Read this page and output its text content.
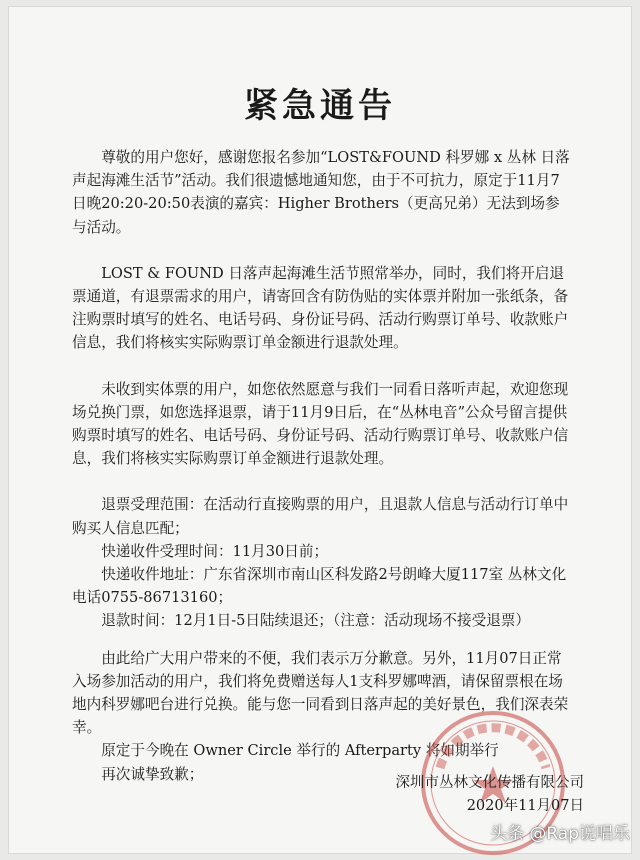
紧急通告

尊敬的用户您好，感谢您报名参加“LOST&FOUND 科罗娜 x 丛林 日落声起海滩生活节”活动。我们很遗憾地通知您，由于不可抗力，原定于11月7日晚20:20-20:50表演的嘉宾：Higher Brothers（更高兄弟）无法到场参与活动。

LOST & FOUND 日落声起海滩生活节照常举办，同时，我们将开启退票通道，有退票需求的用户，请寄回含有防伪贴的实体票并附加一张纸条，备注购票时填写的姓名、电话号码、身份证号码、活动行购票订单号、收款账户信息，我们将核实实际购票订单金额进行退款处理。

未收到实体票的用户，如您依然愿意与我们一同看日落听声起，欢迎您现场兑换门票，如您选择退票，请于11月9日后，在“丛林电音”公众号留言提供购票时填写的姓名、电话号码、身份证号码、活动行购票订单号、收款账户信息，我们将核实实际购票订单金额进行退款处理。

退票受理范围：在活动行直接购票的用户，且退款人信息与活动行订单中购买人信息匹配；

快递收件受理时间：11月30日前；

快递收件地址：广东省深圳市南山区科发路2号朗峰大厦117室 丛林文化 电话0755-86713160；

退款时间：12月1日-5日陆续退还；（注意：活动现场不接受退票）

由此给广大用户带来的不便，我们表示万分歉意。另外，11月07日正常入场参加活动的用户，我们将免费赠送每人1支科罗娜啤酒，请保留票根在场地内科罗娜吧台进行兑换。能与您一同看到日落声起的美好景色，我们深表荣幸。

原定于今晚在 Owner Circle 举行的 Afterparty 将如期举行

再次诚挚致歉；

深圳市丛林文化传播有限公司
2020年11月07日
头条 @Rap说唱乐
